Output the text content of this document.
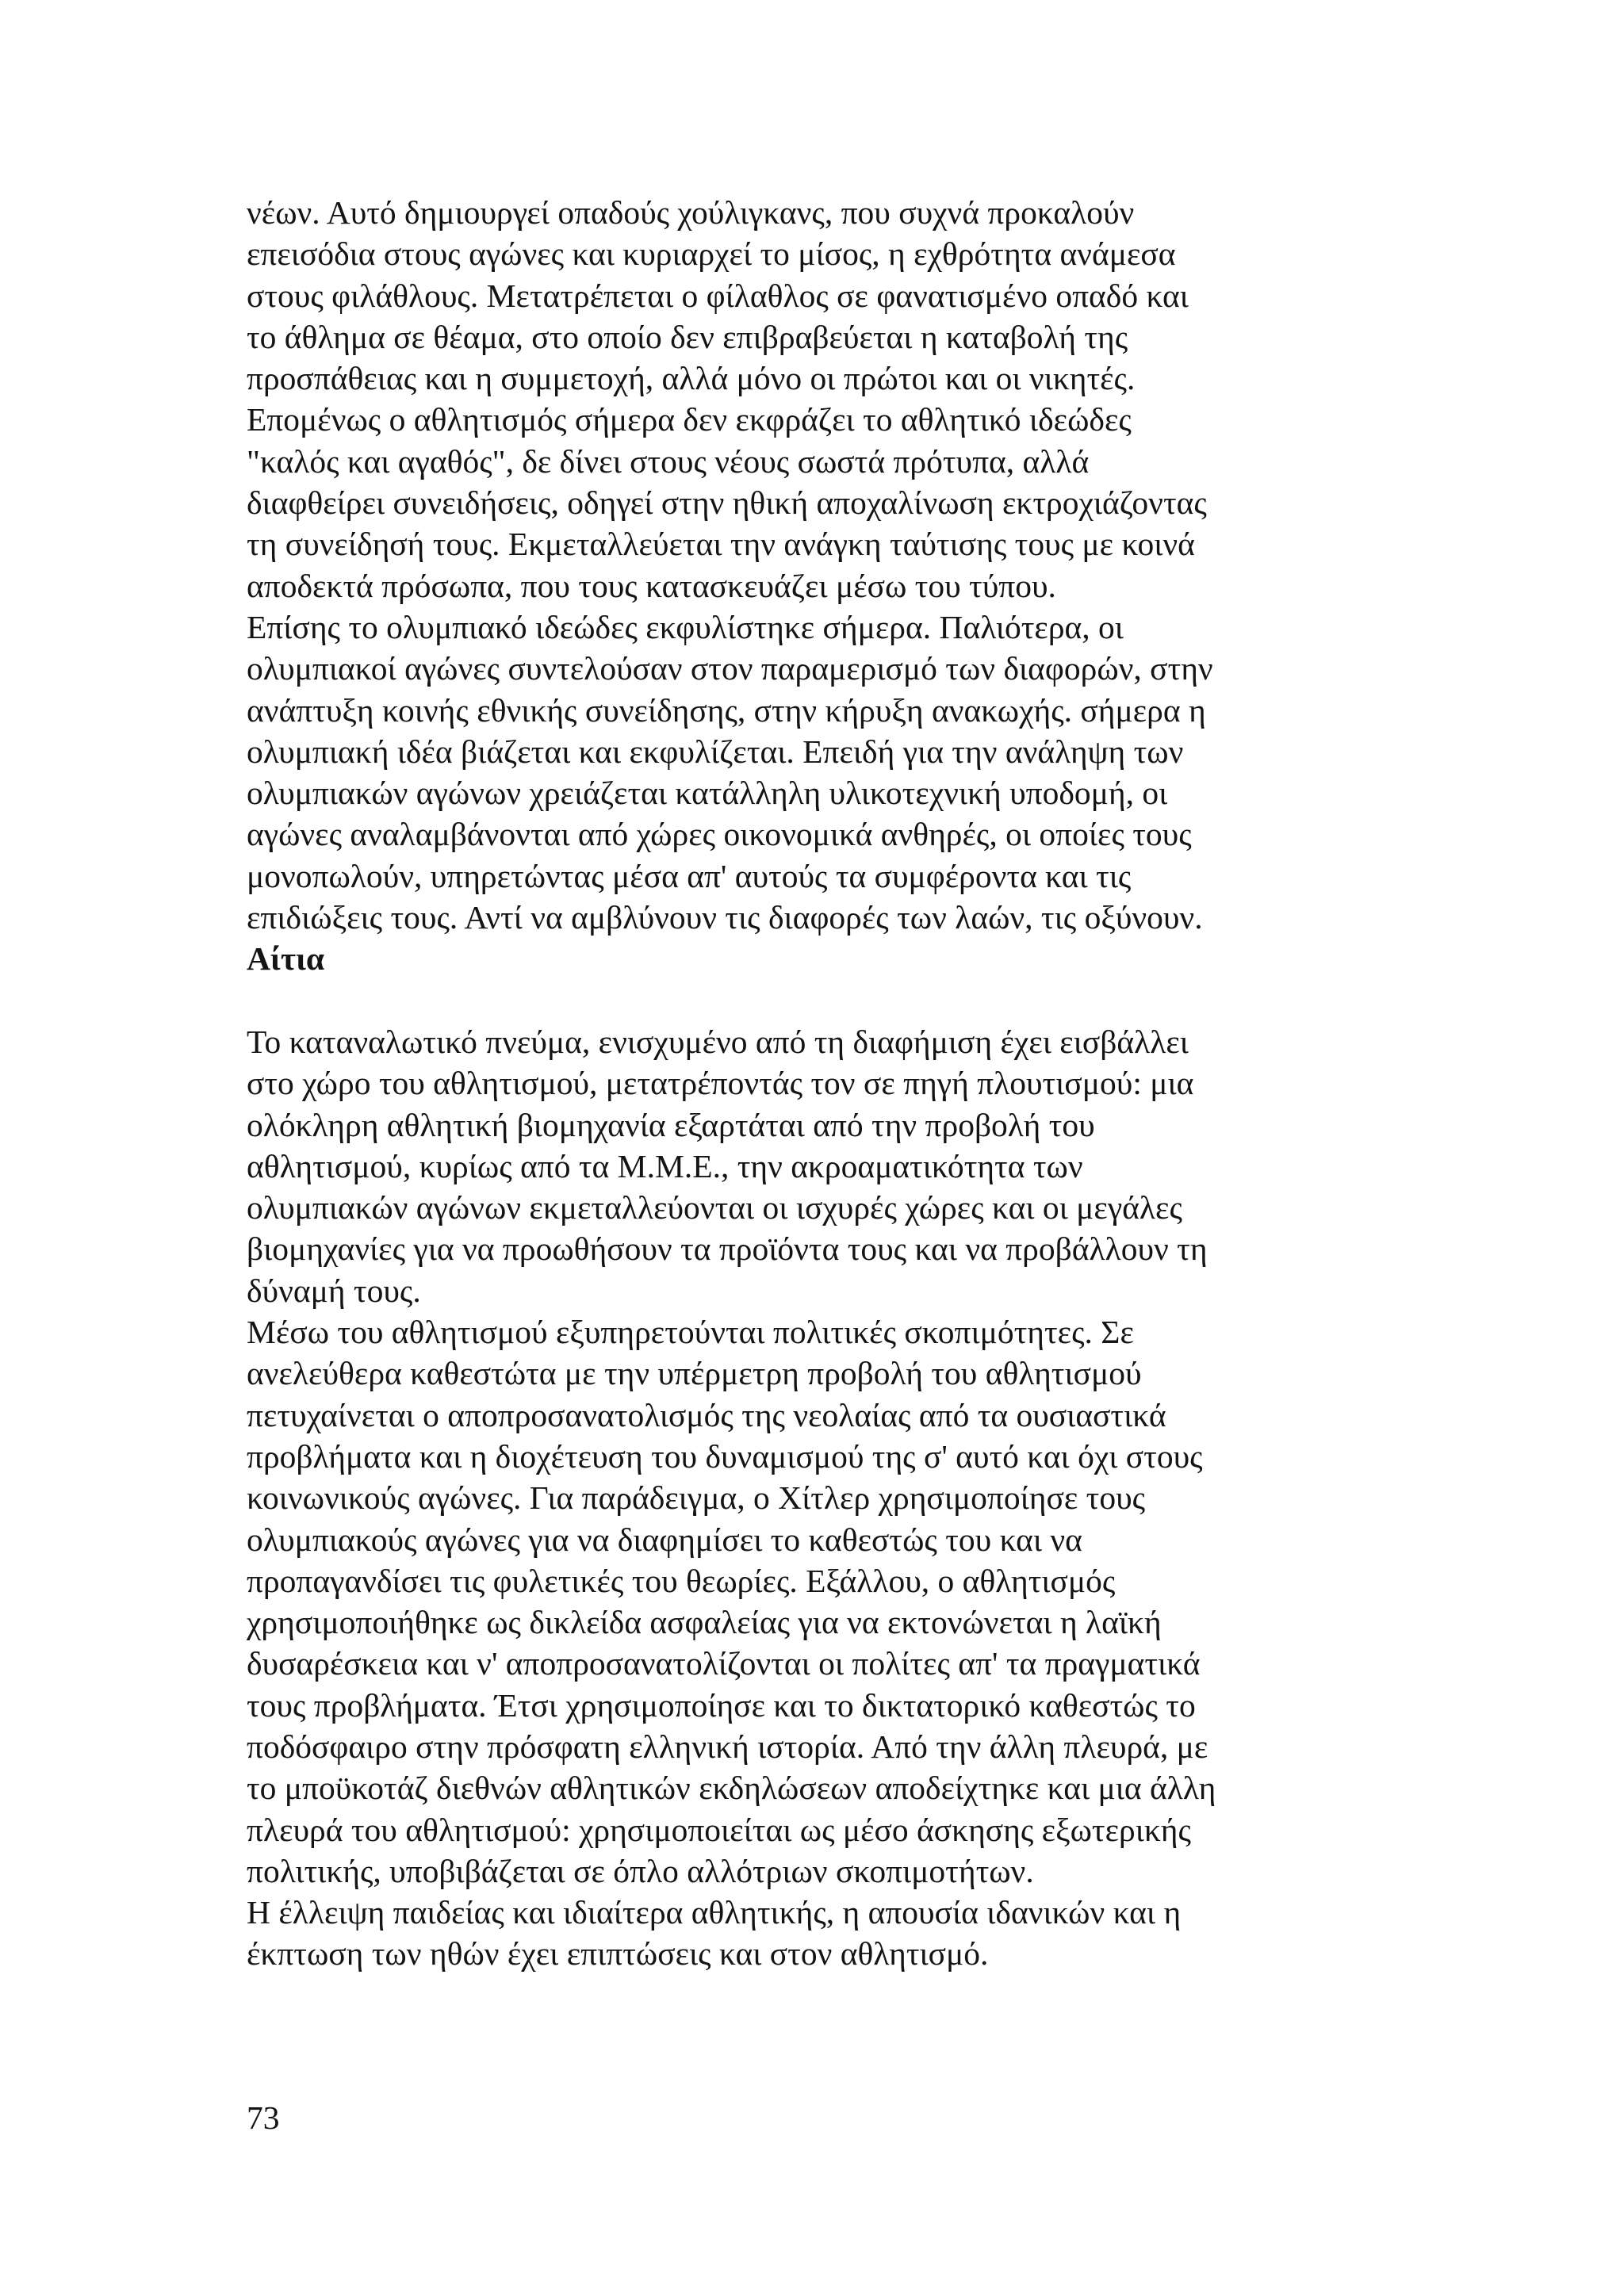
νέων. Αυτό δημιουργεί οπαδούς χούλιγκανς, που συχνά προκαλούν
επεισόδια στους αγώνες και κυριαρχεί το μίσος, η εχθρότητα ανάμεσα
στους φιλάθλους. Μετατρέπεται ο φίλαθλος σε φανατισμένο οπαδό και
το άθλημα σε θέαμα, στο οποίο δεν επιβραβεύεται η καταβολή της
προσπάθειας και η συμμετοχή, αλλά μόνο οι πρώτοι και οι νικητές.
Επομένως ο αθλητισμός σήμερα δεν εκφράζει το αθλητικό ιδεώδες
"καλός και αγαθός", δε δίνει στους νέους σωστά πρότυπα, αλλά
διαφθείρει συνειδήσεις, οδηγεί στην ηθική αποχαλίνωση εκτροχιάζοντας
τη συνείδησή τους. Εκμεταλλεύεται την ανάγκη ταύτισης τους με κοινά
αποδεκτά πρόσωπα, που τους κατασκευάζει μέσω του τύπου.

Επίσης το ολυμπιακό ιδεώδες εκφυλίστηκε σήμερα. Παλιότερα, οι
ολυμπιακοί αγώνες συντελούσαν στον παραμερισμό των διαφορών, στην
ανάπτυξη κοινής εθνικής συνείδησης, στην κήρυξη ανακωχής. σήμερα η
ολυμπιακή ιδέα βιάζεται και εκφυλίζεται. Επειδή για την ανάληψη των
ολυμπιακών αγώνων χρειάζεται κατάλληλη υλικοτεχνική υποδομή, οι
αγώνες αναλαμβάνονται από χώρες οικονομικά ανθηρές, οι οποίες τους
μονοπωλούν, υπηρετώντας μέσα απ' αυτούς τα συμφέροντα και τις
επιδιώξεις τους. Αντί να αμβλύνουν τις διαφορές των λαών, τις οξύνουν.

Αίτια

Το καταναλωτικό πνεύμα, ενισχυμένο από τη διαφήμιση έχει εισβάλλει
στο χώρο του αθλητισμού, μετατρέποντάς τον σε πηγή πλουτισμού: μια
ολόκληρη αθλητική βιομηχανία εξαρτάται από την προβολή του
αθλητισμού, κυρίως από τα Μ.Μ.Ε., την ακροαματικότητα των
ολυμπιακών αγώνων εκμεταλλεύονται οι ισχυρές χώρες και οι μεγάλες
βιομηχανίες για να προωθήσουν τα προϊόντα τους και να προβάλλουν τη
δύναμή τους.

Μέσω του αθλητισμού εξυπηρετούνται πολιτικές σκοπιμότητες. Σε
ανελεύθερα καθεστώτα με την υπέρμετρη προβολή του αθλητισμού
πετυχαίνεται ο αποπροσανατολισμός της νεολαίας από τα ουσιαστικά
προβλήματα και η διοχέτευση του δυναμισμού της σ' αυτό και όχι στους
κοινωνικούς αγώνες. Για παράδειγμα, ο Χίτλερ χρησιμοποίησε τους
ολυμπιακούς αγώνες για να διαφημίσει το καθεστώς του και να
προπαγανδίσει τις φυλετικές του θεωρίες. Εξάλλου, ο αθλητισμός
χρησιμοποιήθηκε ως δικλείδα ασφαλείας για να εκτονώνεται η λαϊκή
δυσαρέσκεια και ν' αποπροσανατολίζονται οι πολίτες απ' τα πραγματικά
τους προβλήματα. Έτσι χρησιμοποίησε και το δικτατορικό καθεστώς το
ποδόσφαιρο στην πρόσφατη ελληνική ιστορία. Από την άλλη πλευρά, με
το μποϋκοτάζ διεθνών αθλητικών εκδηλώσεων αποδείχτηκε και μια άλλη
πλευρά του αθλητισμού: χρησιμοποιείται ως μέσο άσκησης εξωτερικής
πολιτικής, υποβιβάζεται σε όπλο αλλότριων σκοπιμοτήτων.

Η έλλειψη παιδείας και ιδιαίτερα αθλητικής, η απουσία ιδανικών και η
έκπτωση των ηθών έχει επιπτώσεις και στον αθλητισμό.

73
